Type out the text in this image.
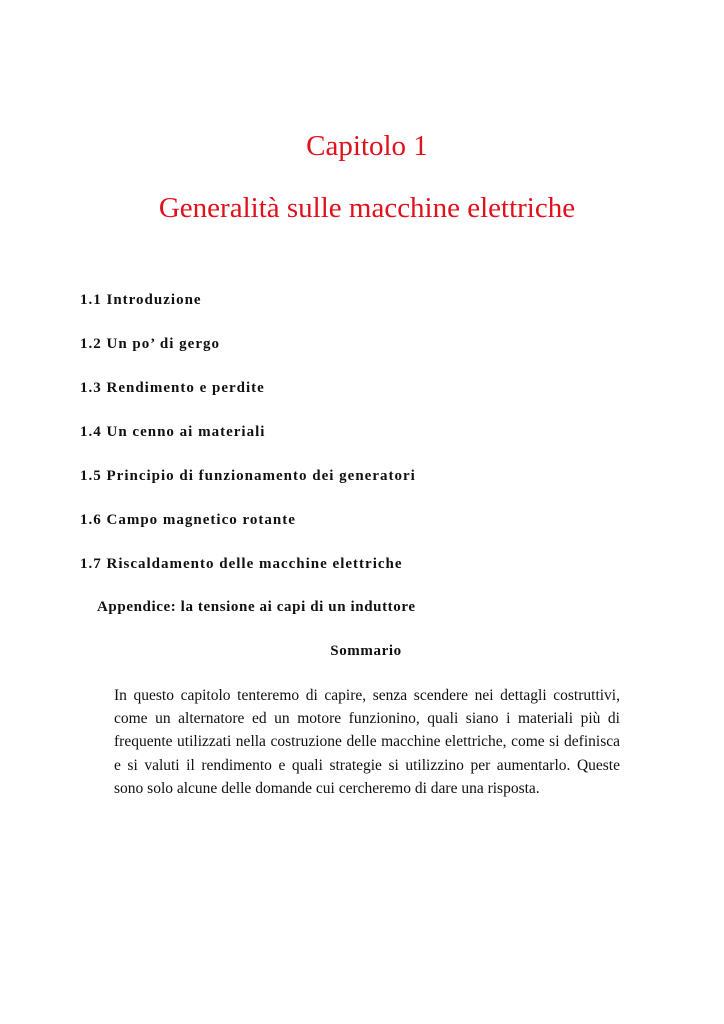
Capitolo 1
Generalità sulle macchine elettriche
1.1 Introduzione
1.2 Un po’ di gergo
1.3 Rendimento e perdite
1.4 Un cenno ai materiali
1.5 Principio di funzionamento dei generatori
1.6 Campo magnetico rotante
1.7 Riscaldamento delle macchine elettriche
Appendice: la tensione ai capi di un induttore
Sommario

In questo capitolo tenteremo di capire, senza scendere nei dettagli costruttivi, come un alternatore ed un motore funzionino, quali siano i materiali più di frequente utilizzati nella costruzione delle macchine elettriche, come si definisca e si valuti il rendimento e quali strategie si utilizzino per aumentarlo. Queste sono solo alcune delle domande cui cercheremo di dare una risposta.
